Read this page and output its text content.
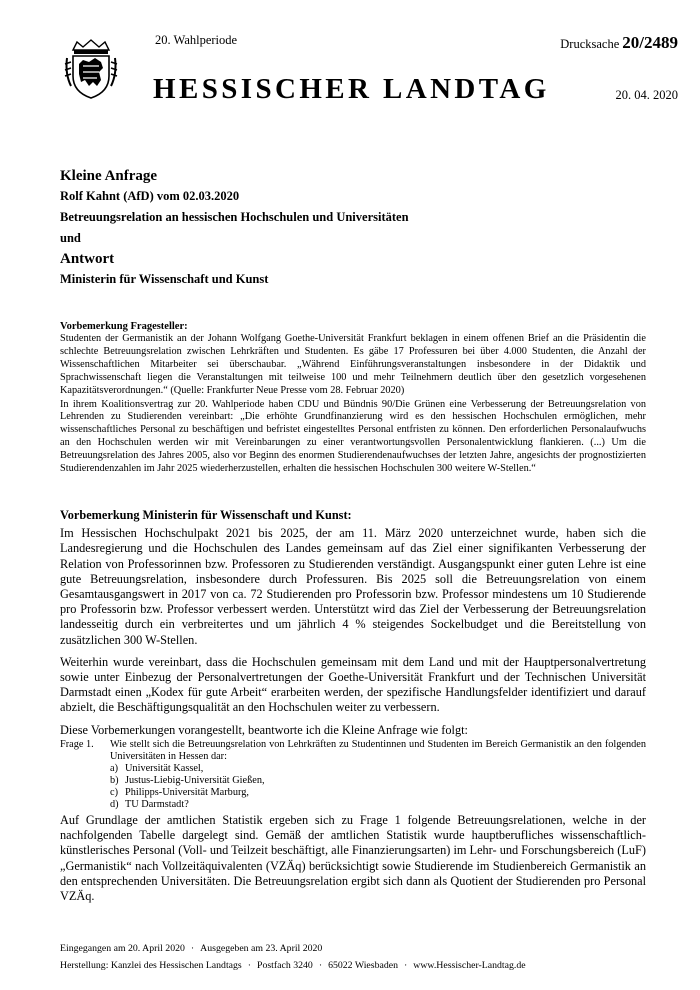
20. Wahlperiode	Drucksache 20/2489
HESSISCHER LANDTAG	20. 04. 2020
Kleine Anfrage
Rolf Kahnt (AfD) vom 02.03.2020
Betreuungsrelation an hessischen Hochschulen und Universitäten
und
Antwort
Ministerin für Wissenschaft und Kunst
Vorbemerkung Fragesteller:

Studenten der Germanistik an der Johann Wolfgang Goethe-Universität Frankfurt beklagen in einem offenen Brief an die Präsidentin die schlechte Betreuungsrelation zwischen Lehrkräften und Studenten. Es gäbe 17 Professuren bei über 4.000 Studenten, die Anzahl der Wissenschaftlichen Mitarbeiter sei überschaubar. „Während Einführungsveranstaltungen insbesondere in der Didaktik und Sprachwissenschaft liegen die Veranstaltungen mit teilweise 100 und mehr Teilnehmern deutlich über den gesetzlich vorgesehenen Kapazitätsverordnungen.“ (Quelle: Frankfurter Neue Presse vom 28. Februar 2020)

In ihrem Koalitionsvertrag zur 20. Wahlperiode haben CDU und Bündnis 90/Die Grünen eine Verbesserung der Betreuungsrelation von Lehrenden zu Studierenden vereinbart: „Die erhöhte Grundfinanzierung wird es den hessischen Hochschulen ermöglichen, mehr wissenschaftliches Personal zu beschäftigen und befristet eingestelltes Personal entfristen zu können. Den erforderlichen Personalaufwuchs an den Hochschulen werden wir mit Vereinbarungen zu einer verantwortungsvollen Personalentwicklung flankieren. (...) Um die Betreuungsrelation des Jahres 2005, also vor Beginn des enormen Studierendenaufwuchses der letzten Jahre, angesichts der prognostizierten Studierendenzahlen im Jahr 2025 wiederherzustellen, erhalten die hessischen Hochschulen 300 weitere W-Stellen.“

Vorbemerkung Ministerin für Wissenschaft und Kunst:

Im Hessischen Hochschulpakt 2021 bis 2025, der am 11. März 2020 unterzeichnet wurde, haben sich die Landesregierung und die Hochschulen des Landes gemeinsam auf das Ziel einer signifikanten Verbesserung der Relation von Professorinnen bzw. Professoren zu Studierenden verständigt. Ausgangspunkt einer guten Lehre ist eine gute Betreuungsrelation, insbesondere durch Professuren. Bis 2025 soll die Betreuungsrelation von einem Gesamtausgangswert in 2017 von ca. 72 Studierenden pro Professorin bzw. Professor mindestens um 10 Studierende pro Professorin bzw. Professor verbessert werden. Unterstützt wird das Ziel der Verbesserung der Betreuungsrelation landesseitig durch ein verbreitertes und um jährlich 4 % steigendes Sockelbudget und die Bereitstellung von zusätzlichen 300 W-Stellen.

Weiterhin wurde vereinbart, dass die Hochschulen gemeinsam mit dem Land und mit der Hauptpersonalvertretung sowie unter Einbezug der Personalvertretungen der Goethe-Universität Frankfurt und der Technischen Universität Darmstadt einen „Kodex für gute Arbeit“ erarbeiten werden, der spezifische Handlungsfelder identifiziert und darauf abzielt, die Beschäftigungsqualität an den Hochschulen weiter zu verbessern.

Diese Vorbemerkungen vorangestellt, beantworte ich die Kleine Anfrage wie folgt:

Frage 1.	Wie stellt sich die Betreuungsrelation von Lehrkräften zu Studentinnen und Studenten im Bereich Germanistik an den folgenden Universitäten in Hessen dar:
a) Universität Kassel,
b) Justus-Liebig-Universität Gießen,
c) Philipps-Universität Marburg,
d) TU Darmstadt?
Auf Grundlage der amtlichen Statistik ergeben sich zu Frage 1 folgende Betreuungsrelationen, welche in der nachfolgenden Tabelle dargelegt sind. Gemäß der amtlichen Statistik wurde hauptberufliches wissenschaftlich-künstlerisches Personal (Voll- und Teilzeit beschäftigt, alle Finanzierungsarten) im Lehr- und Forschungsbereich (LuF) „Germanistik“ nach Vollzeitäquivalenten (VZÄq) berücksichtigt sowie Studierende im Studienbereich Germanistik an den entsprechenden Universitäten. Die Betreuungsrelation ergibt sich dann als Quotient der Studierenden pro Personal VZÄq.
Eingegangen am 20. April 2020 · Ausgegeben am 23. April 2020
Herstellung: Kanzlei des Hessischen Landtags · Postfach 3240 · 65022 Wiesbaden · www.Hessischer-Landtag.de
